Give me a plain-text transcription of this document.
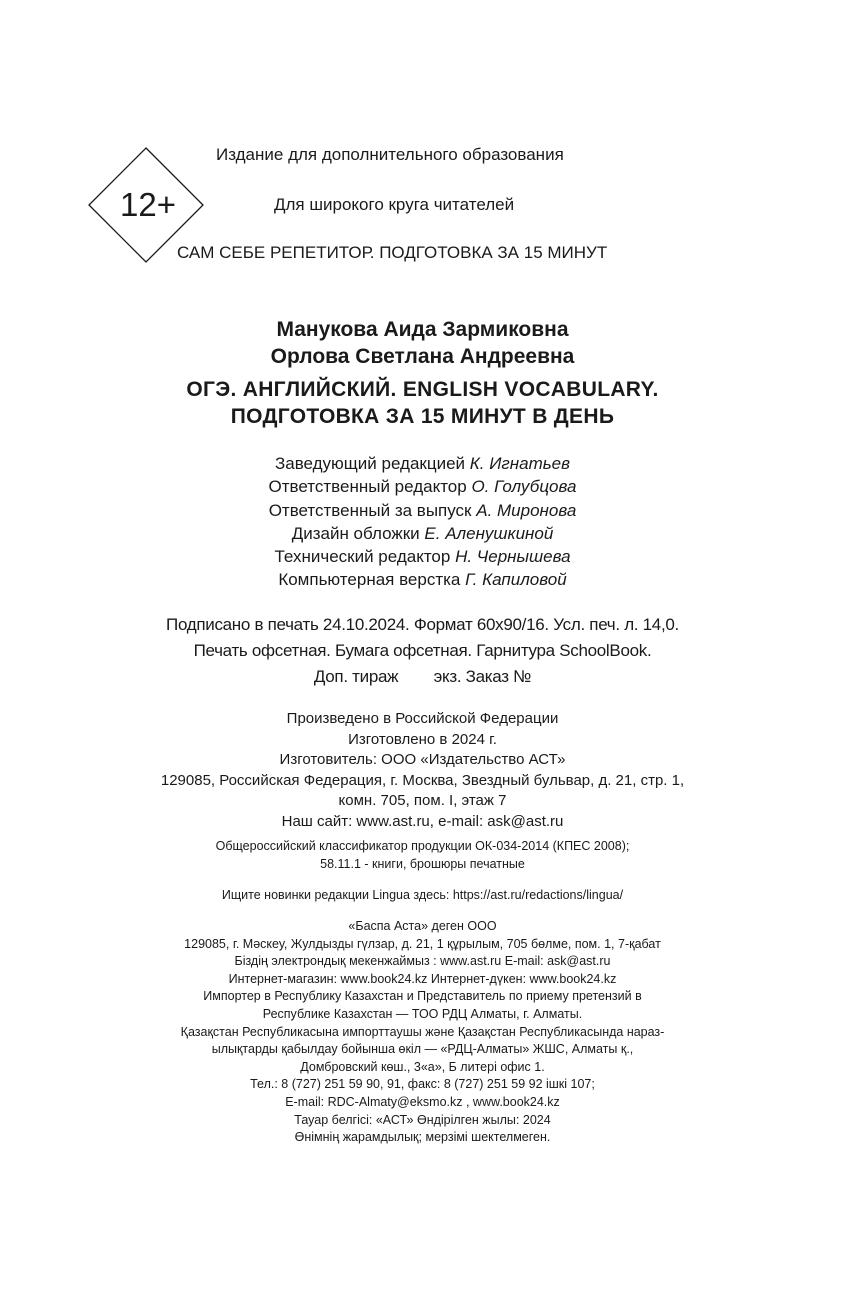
12+
Издание для дополнительного образования
Для широкого круга читателей
САМ СЕБЕ РЕПЕТИТОР. ПОДГОТОВКА ЗА 15 МИНУТ
Манукова Аида Зармиковна
Орлова Светлана Андреевна
ОГЭ. АНГЛИЙСКИЙ. ENGLISH VOCABULARY.
ПОДГОТОВКА ЗА 15 МИНУТ В ДЕНЬ
Заведующий редакцией К. Игнатьев
Ответственный редактор О. Голубцова
Ответственный за выпуск А. Миронова
Дизайн обложки Е. Аленушкиной
Технический редактор Н. Чернышева
Компьютерная верстка Г. Капиловой
Подписано в печать 24.10.2024. Формат 60x90/16. Усл. печ. л. 14,0.
Печать офсетная. Бумага офсетная. Гарнитура SchoolBook.
Доп. тираж        экз. Заказ №
Произведено в Российской Федерации
Изготовлено в 2024 г.
Изготовитель: ООО «Издательство АСТ»
129085, Российская Федерация, г. Москва, Звездный бульвар, д. 21, стр. 1,
комн. 705, пом. I, этаж 7
Наш сайт: www.ast.ru, e-mail: ask@ast.ru
Общероссийский классификатор продукции ОК-034-2014 (КПЕС 2008);
58.11.1 - книги, брошюры печатные
Ищите новинки редакции Lingua здесь: https://ast.ru/redactions/lingua/
«Баспа Аста» деген ООО
129085, г. Мәскеу, Жулдызды гүлзар, д. 21, 1 құрылым, 705 бөлме, пом. 1, 7-қабат
Біздің электрондық мекенжаймыз : www.ast.ru E-mail: ask@ast.ru
Интернет-магазин: www.book24.kz Интернет-дүкен: www.book24.kz
Импортер в Республику Казахстан и Представитель по приему претензий в
Республике Казахстан — ТОО РДЦ Алматы, г. Алматы.
Қазақстан Республикасына импорттаушы және Қазақстан Республикасында нараз-
ылықтарды қабылдау бойынша өкіл — «РДЦ-Алматы» ЖШС, Алматы қ.,
Домбровский көш., 3«а», Б литері офис 1.
Тел.: 8 (727) 251 59 90, 91, факс: 8 (727) 251 59 92 ішкі 107;
E-mail: RDC-Almaty@eksmo.kz , www.book24.kz
Тауар белгісі: «АСТ» Өндірілген жылы: 2024
Өнімнің жарамдылық; мерзімі шектелмеген.
